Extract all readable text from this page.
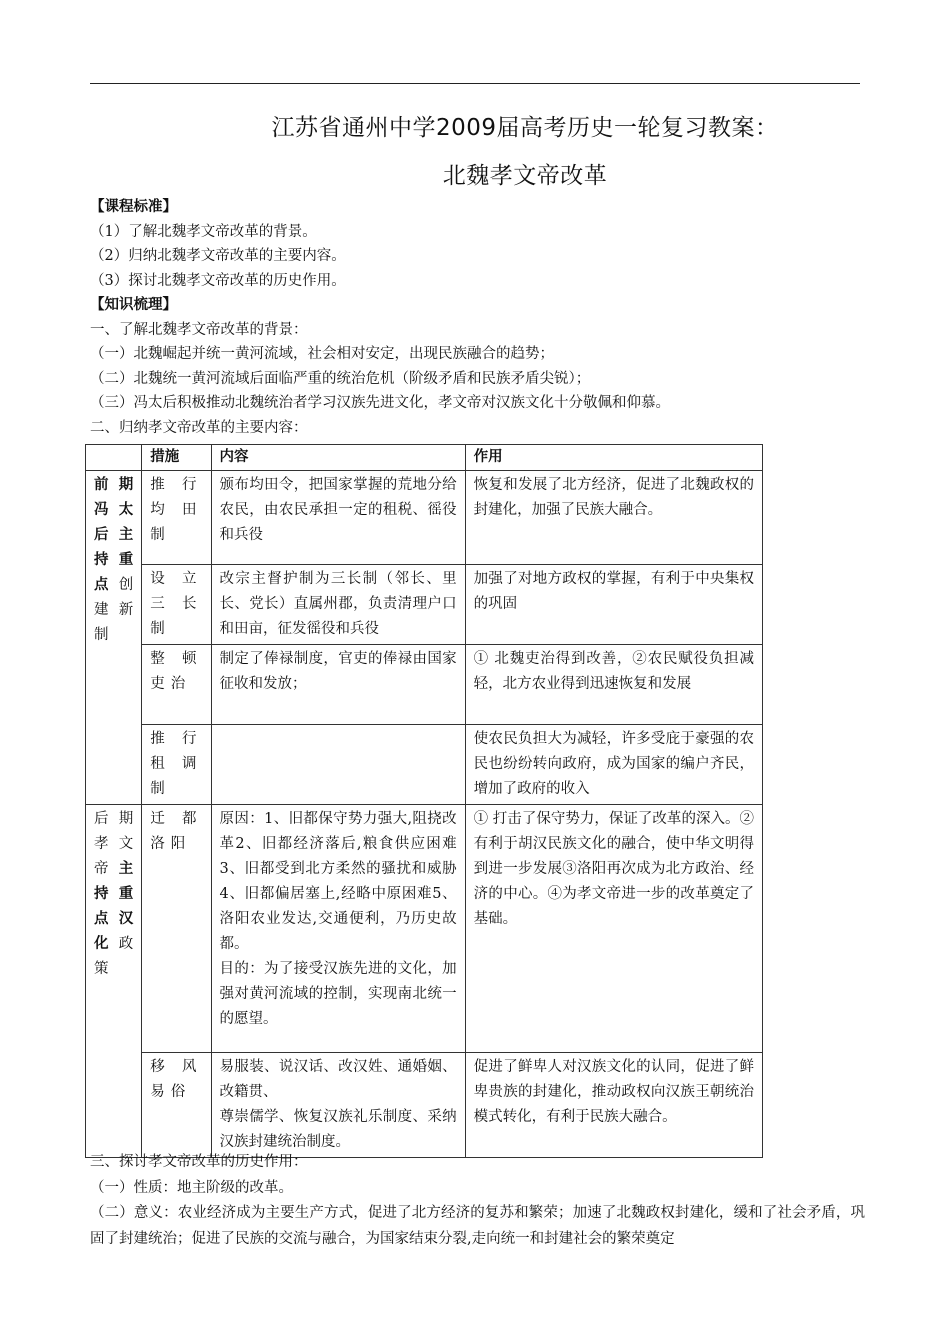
江苏省通州中学2009届高考历史一轮复习教案：
北魏孝文帝改革
【课程标准】
（1）了解北魏孝文帝改革的背景。
（2）归纳北魏孝文帝改革的主要内容。
（3）探讨北魏孝文帝改革的历史作用。
【知识梳理】
一、了解北魏孝文帝改革的背景：
（一）北魏崛起并统一黄河流域，社会相对安定，出现民族融合的趋势；
（二）北魏统一黄河流域后面临严重的统治危机（阶级矛盾和民族矛盾尖锐）；
（三）冯太后积极推动北魏统治者学习汉族先进文化，孝文帝对汉族文化十分敬佩和仰慕。
二、归纳孝文帝改革的主要内容：
	措施	内容	作用
前期冯太后主持重点创建新制	推行均田制	颁布均田令，把国家掌握的荒地分给农民，由农民承担一定的租税、徭役和兵役	恢复和发展了北方经济，促进了北魏政权的封建化，加强了民族大融合。
	设立三长制	改宗主督护制为三长制（邻长、里长、党长）直属州郡，负责清理户口和田亩，征发徭役和兵役	加强了对地方政权的掌握，有利于中央集权的巩固
	整顿吏治	制定了俸禄制度，官吏的俸禄由国家征收和发放；	① 北魏吏治得到改善，②农民赋役负担减轻，北方农业得到迅速恢复和发展
	推行租调制		使农民负担大为减轻，许多受庇于豪强的农民也纷纷转向政府，成为国家的编户齐民，增加了政府的收入
后期孝文帝主持重点汉化政策	迁都洛阳	原因：1、旧都保守势力强大,阻挠改革2、旧都经济落后,粮食供应困难3、旧都受到北方柔然的骚扰和威胁4、旧都偏居塞上,经略中原困难5、洛阳农业发达,交通便利，乃历史故都。
目的：为了接受汉族先进的文化，加强对黄河流域的控制，实现南北统一的愿望。	① 打击了保守势力，保证了改革的深入。②有利于胡汉民族文化的融合，使中华文明得到进一步发展③洛阳再次成为北方政治、经济的中心。④为孝文帝进一步的改革奠定了基础。
	移风易俗	易服装、说汉话、改汉姓、通婚姻、改籍贯、
尊崇儒学、恢复汉族礼乐制度、采纳汉族封建统治制度。	促进了鲜卑人对汉族文化的认同，促进了鲜卑贵族的封建化，推动政权向汉族王朝统治模式转化，有利于民族大融合。
三、探讨孝文帝改革的历史作用：
（一）性质：地主阶级的改革。
（二）意义：农业经济成为主要生产方式，促进了北方经济的复苏和繁荣；加速了北魏政权封建化，缓和了社会矛盾，巩固了封建统治；促进了民族的交流与融合，为国家结束分裂,走向统一和封建社会的繁荣奠定
